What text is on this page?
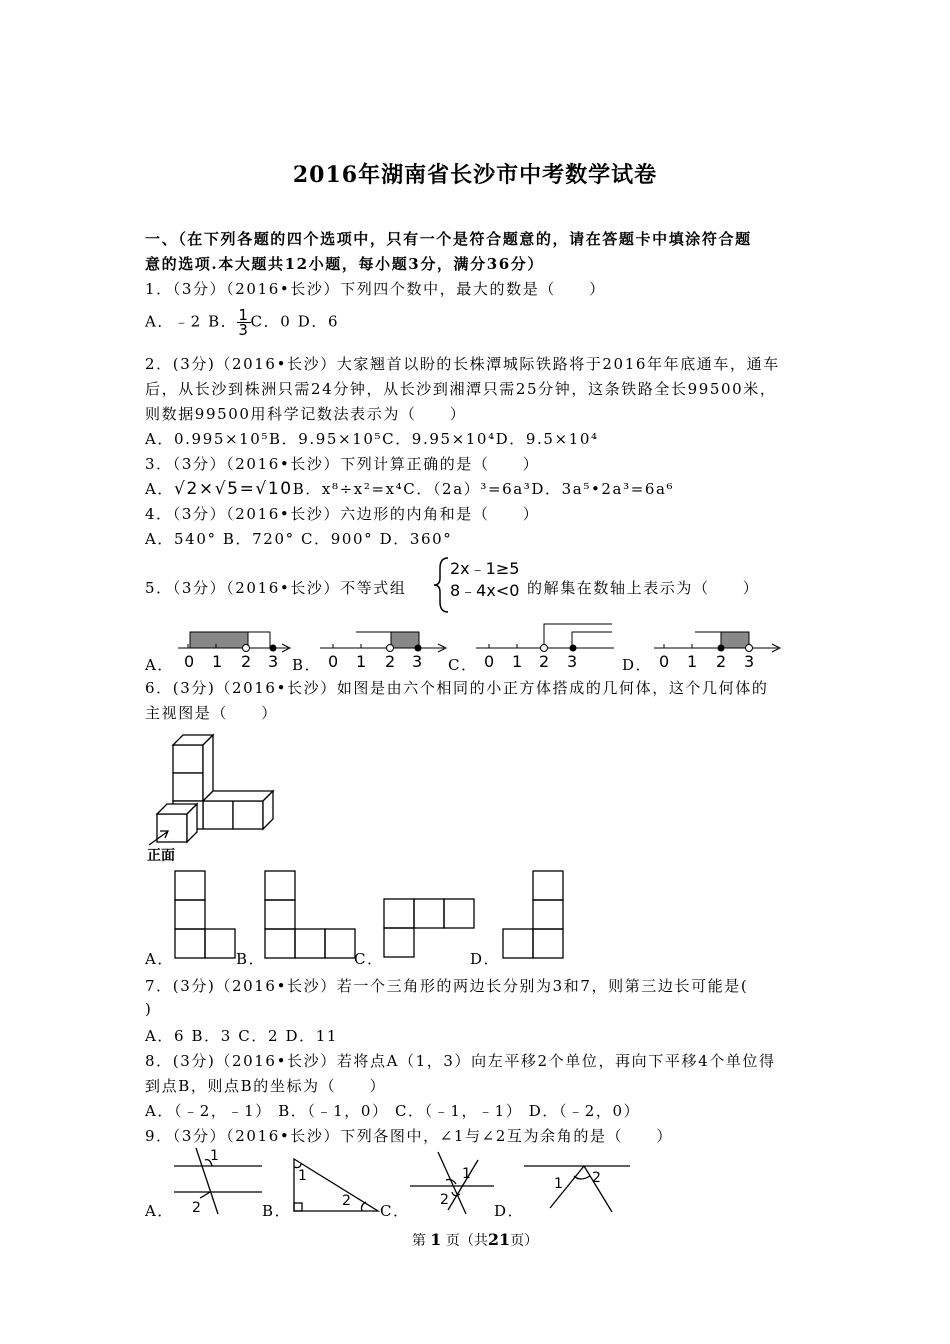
2016年湖南省长沙市中考数学试卷
一、（在下列各题的四个选项中，只有一个是符合题意的，请在答题卡中填涂符合题
意的选项.本大题共12小题，每小题3分，满分36分）
1．（3分）（2016•长沙）下列四个数中，最大的数是（　　）
A．﹣2 B． $\frac{1}{3}$ C．0 D．6
2．(3分)（2016•长沙）大家翘首以盼的长株潭城际铁路将于2016年年底通车，通车
后，从长沙到株洲只需24分钟，从长沙到湘潭只需25分钟，这条铁路全长99500米，
则数据99500用科学记数法表示为（　　）
A．0.995×10⁵B．9.95×10⁵C．9.95×10⁴D．9.5×10⁴
3．（3分）（2016•长沙）下列计算正确的是（　　）
A．√2×√5=√10B．x⁸÷x²=x⁴C．（2a）³=6a³D．3a⁵•2a³=6a⁶
4．（3分）（2016•长沙）六边形的内角和是（　　）
A．540° B．720° C．900° D．360°
5．（3分）（2016•长沙）不等式组
2x﹣1≥5
8﹣4x<0 的解集在数轴上表示为（　　）
A． 0 1 2 3 B． 0 1 2 3 C． 0 1 2 3	D． 0 1 2 3
6．(3分)（2016•长沙）如图是由六个相同的小正方体搭成的几何体，这个几何体的
主视图是（　　）
正面
A．	B．	C．	D．
7．(3分)（2016•长沙）若一个三角形的两边长分别为3和7，则第三边长可能是(
)
A．6 B．3 C．2 D．11
8．(3分)（2016•长沙）若将点A（1，3）向左平移2个单位，再向下平移4个单位得
到点B，则点B的坐标为（　　）
A．（﹣2，﹣1） B．（﹣1，0） C．（﹣1，﹣1） D．（﹣2，0）
9．（3分）（2016•长沙）下列各图中，∠1与∠2互为余角的是（　　）
A．
1
2	B．
1
2
C．
1
2
D．
1 2
第 1 页（共21页）
